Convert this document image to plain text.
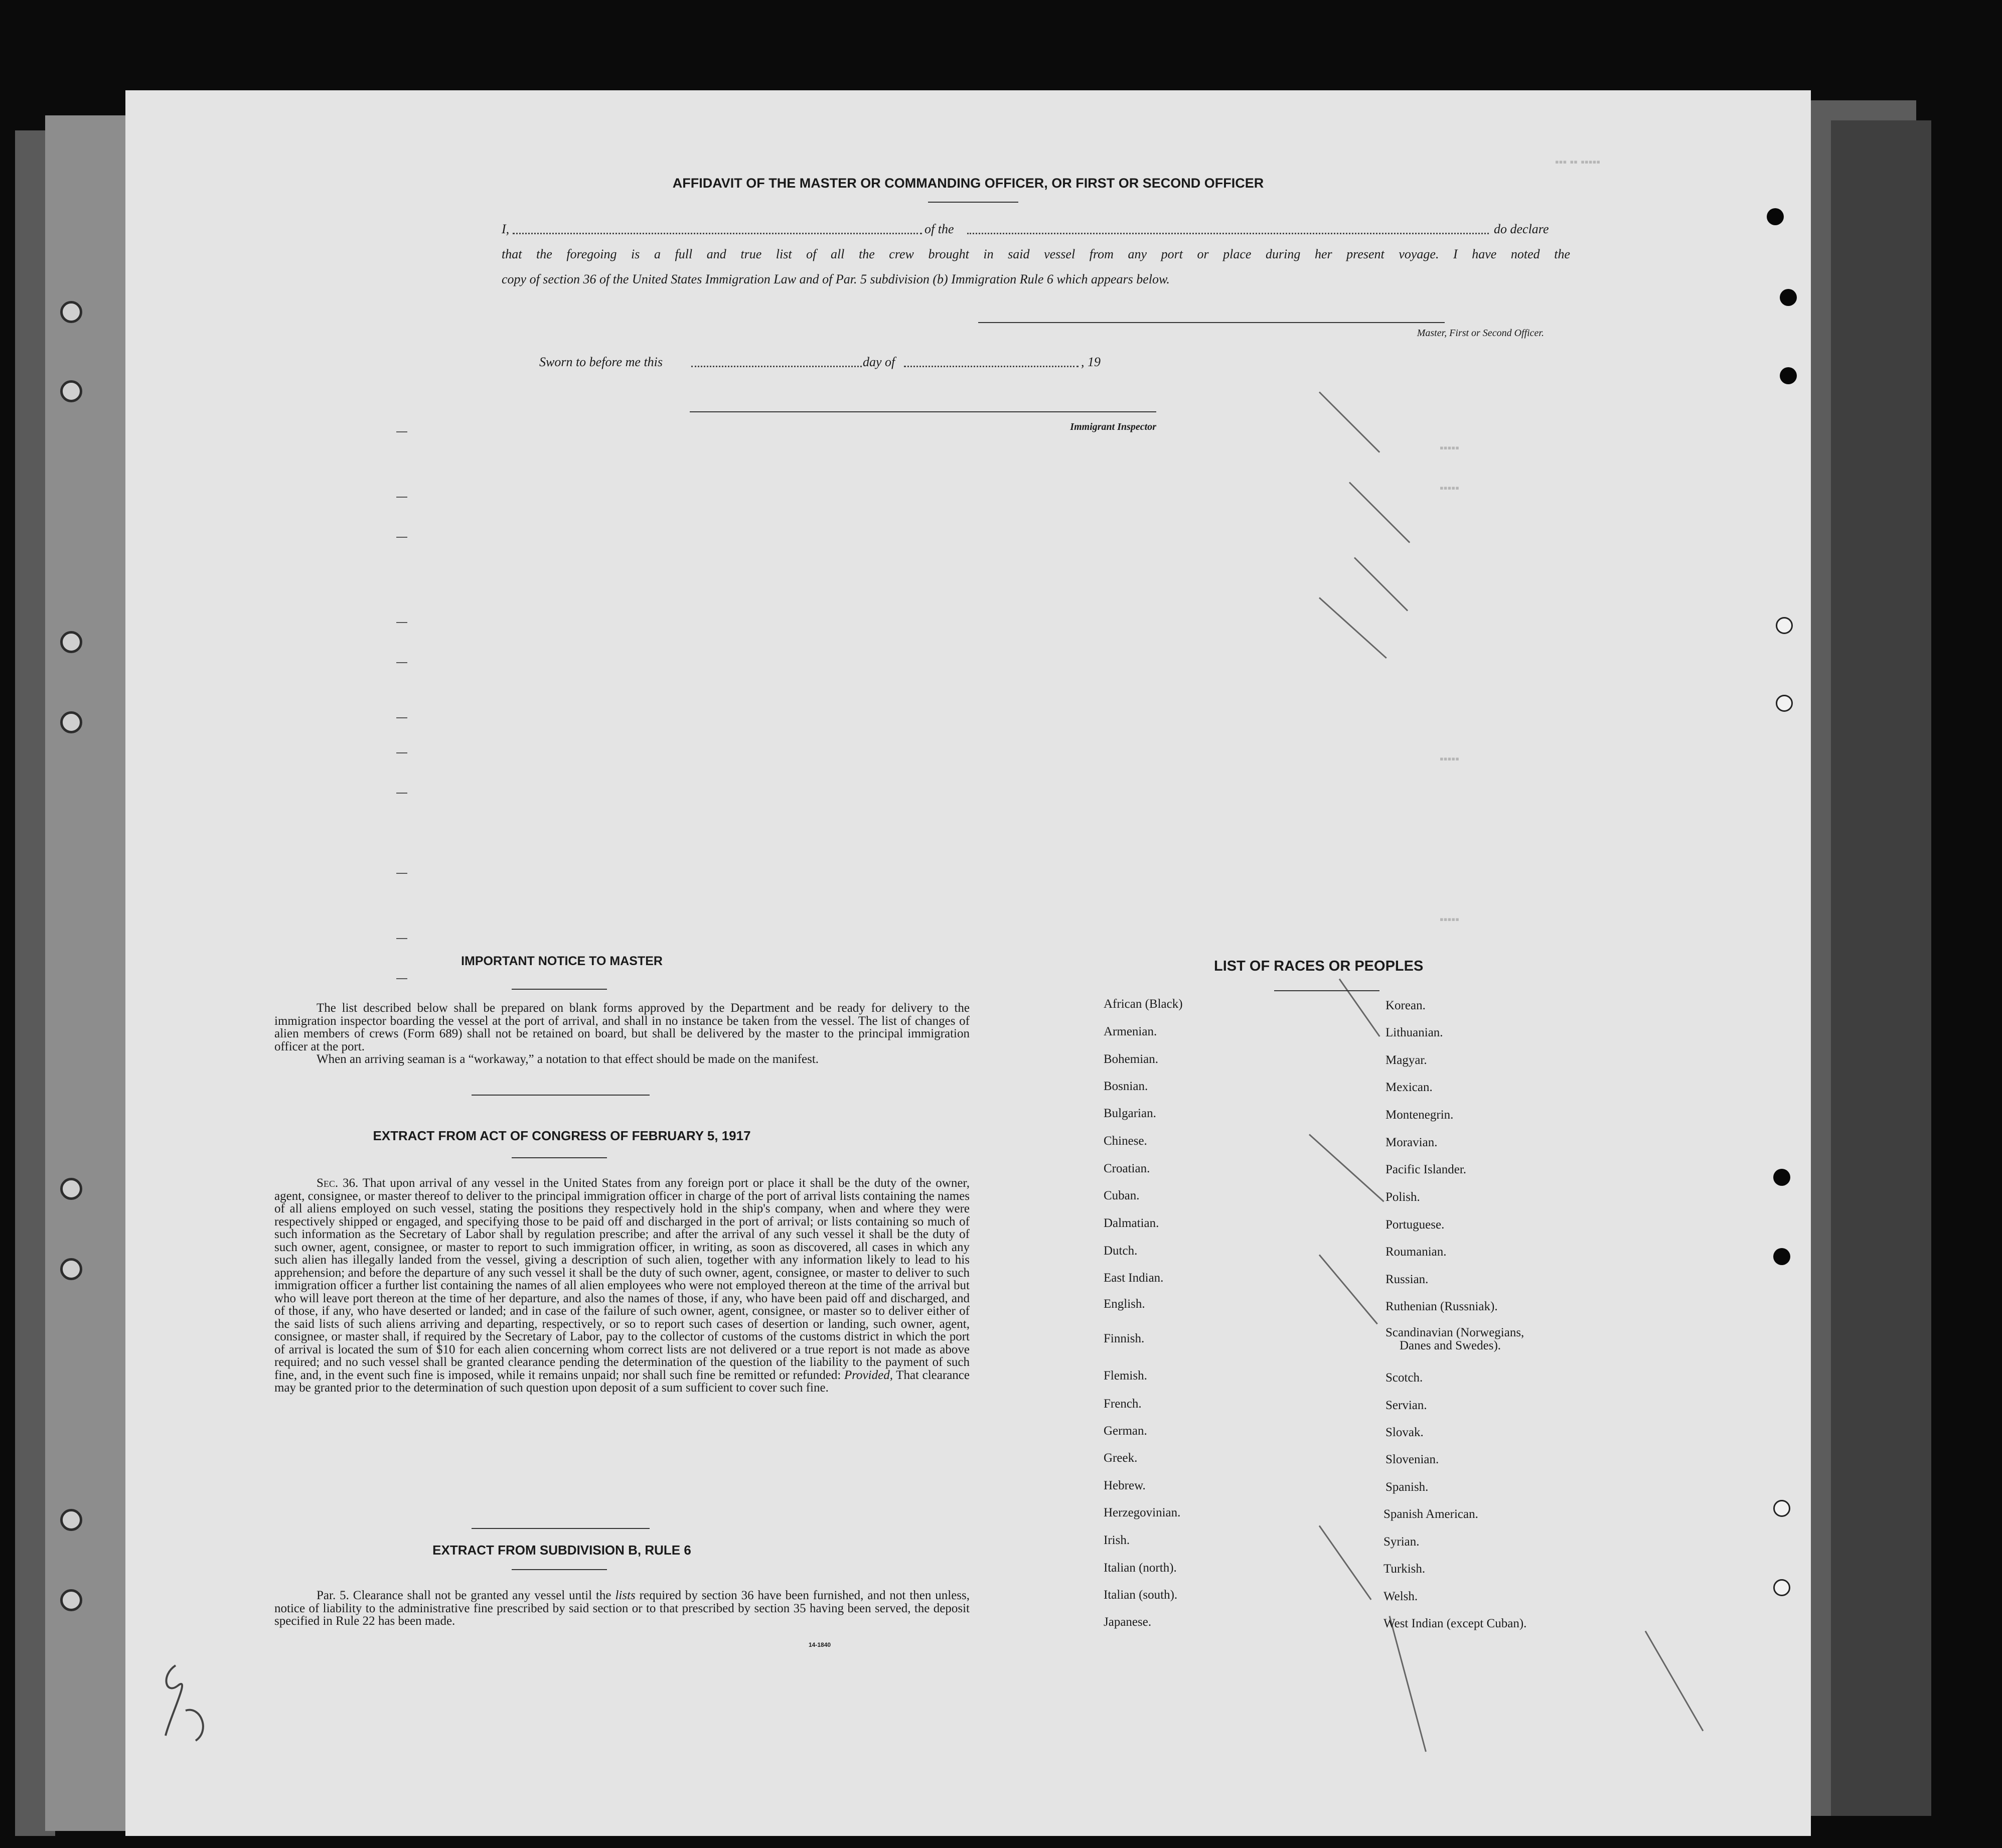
▪▪▪ ▪▪ ▪▪▪▪▪
▪▪▪▪▪
▪▪▪▪▪
▪▪▪▪▪
▪▪▪▪▪
AFFIDAVIT OF THE MASTER OR COMMANDING OFFICER, OR FIRST OR SECOND OFFICER
I,	of the	do declare
that the foregoing is a full and true list of all the crew brought in said vessel from any port or place during her present voyage. I have noted the
copy of section 36 of the United States Immigration Law and of Par. 5 subdivision (b) Immigration Rule 6 which appears below.
Master, First or Second Officer.
Sworn to before me this	day of	, 19
Immigrant Inspector
IMPORTANT NOTICE TO MASTER
The list described below shall be prepared on blank forms approved by the Department and be ready for delivery to the immigration inspector boarding the vessel at the port of arrival, and shall in no instance be taken from the vessel. The list of changes of alien members of crews (Form 689) shall not be retained on board, but shall be delivered by the master to the principal immigration officer at the port.
When an arriving seaman is a “workaway,” a notation to that effect should be made on the manifest.
EXTRACT FROM ACT OF CONGRESS OF FEBRUARY 5, 1917
Sec. 36. That upon arrival of any vessel in the United States from any foreign port or place it shall be the duty of the owner, agent, consignee, or master thereof to deliver to the principal immigration officer in charge of the port of arrival lists containing the names of all aliens employed on such vessel, stating the positions they respectively hold in the ship's company, when and where they were respectively shipped or engaged, and specifying those to be paid off and discharged in the port of arrival; or lists containing so much of such information as the Secretary of Labor shall by regulation prescribe; and after the arrival of any such vessel it shall be the duty of such owner, agent, consignee, or master to report to such immigration officer, in writing, as soon as discovered, all cases in which any such alien has illegally landed from the vessel, giving a description of such alien, together with any information likely to lead to his apprehension; and before the departure of any such vessel it shall be the duty of such owner, agent, consignee, or master to deliver to such immigration officer a further list containing the names of all alien employees who were not employed thereon at the time of the arrival but who will leave port thereon at the time of her departure, and also the names of those, if any, who have been paid off and discharged, and of those, if any, who have deserted or landed; and in case of the failure of such owner, agent, consignee, or master so to deliver either of the said lists of such aliens arriving and departing, respectively, or so to report such cases of desertion or landing, such owner, agent, consignee, or master shall, if required by the Secretary of Labor, pay to the collector of customs of the customs district in which the port of arrival is located the sum of $10 for each alien concerning whom correct lists are not delivered or a true report is not made as above required; and no such vessel shall be granted clearance pending the determination of the question of the liability to the payment of such fine, and, in the event such fine is imposed, while it remains unpaid; nor shall such fine be remitted or refunded: Provided, That clearance may be granted prior to the determination of such question upon deposit of a sum sufficient to cover such fine.
EXTRACT FROM SUBDIVISION B, RULE 6
Par. 5. Clearance shall not be granted any vessel until the lists required by section 36 have been furnished, and not then unless, notice of liability to the administrative fine prescribed by said section or to that prescribed by section 35 having been served, the deposit specified in Rule 22 has been made.
14-1840
LIST OF RACES OR PEOPLES
African (Black)
Armenian.
Bohemian.
Bosnian.
Bulgarian.
Chinese.
Croatian.
Cuban.
Dalmatian.
Dutch.
East Indian.
English.
Finnish.
Flemish.
French.
German.
Greek.
Hebrew.
Herzegovinian.
Irish.
Italian (north).
Italian (south).
Japanese.
Korean.
Lithuanian.
Magyar.
Mexican.
Montenegrin.
Moravian.
Pacific Islander.
Polish.
Portuguese.
Roumanian.
Russian.
Ruthenian (Russniak).
Scandinavian (Norwegians,
Danes and Swedes).
Scotch.
Servian.
Slovak.
Slovenian.
Spanish.
Spanish American.
Syrian.
Turkish.
Welsh.
West Indian (except Cuban).
